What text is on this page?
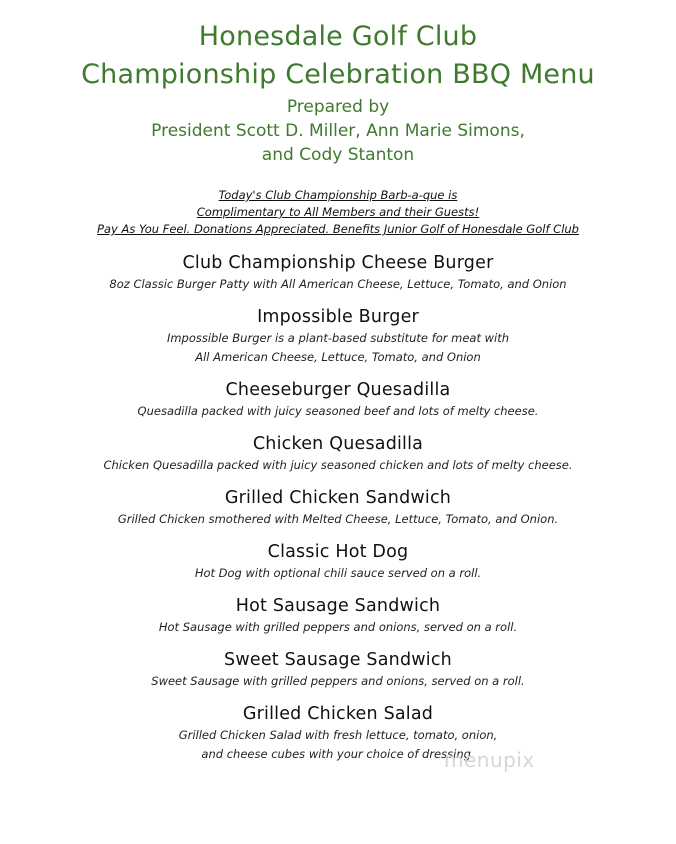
Honesdale Golf Club
Championship Celebration BBQ Menu
Prepared by
President Scott D. Miller, Ann Marie Simons,
and Cody Stanton
Today's Club Championship Barb-a-que is
Complimentary to All Members and their Guests!
Pay As You Feel. Donations Appreciated. Benefits Junior Golf of Honesdale Golf Club
Club Championship Cheese Burger
8oz Classic Burger Patty with All American Cheese, Lettuce, Tomato, and Onion
Impossible Burger
Impossible Burger is a plant-based substitute for meat with
All American Cheese, Lettuce, Tomato, and Onion
Cheeseburger Quesadilla
Quesadilla packed with juicy seasoned beef and lots of melty cheese.
Chicken Quesadilla
Chicken Quesadilla packed with juicy seasoned chicken and lots of melty cheese.
Grilled Chicken Sandwich
Grilled Chicken smothered with Melted Cheese, Lettuce, Tomato, and Onion.
Classic Hot Dog
Hot Dog with optional chili sauce served on a roll.
Hot Sausage Sandwich
Hot Sausage with grilled peppers and onions, served on a roll.
Sweet Sausage Sandwich
Sweet Sausage with grilled peppers and onions, served on a roll.
Grilled Chicken Salad
Grilled Chicken Salad with fresh lettuce, tomato, onion,
and cheese cubes with your choice of dressing.
menupix
